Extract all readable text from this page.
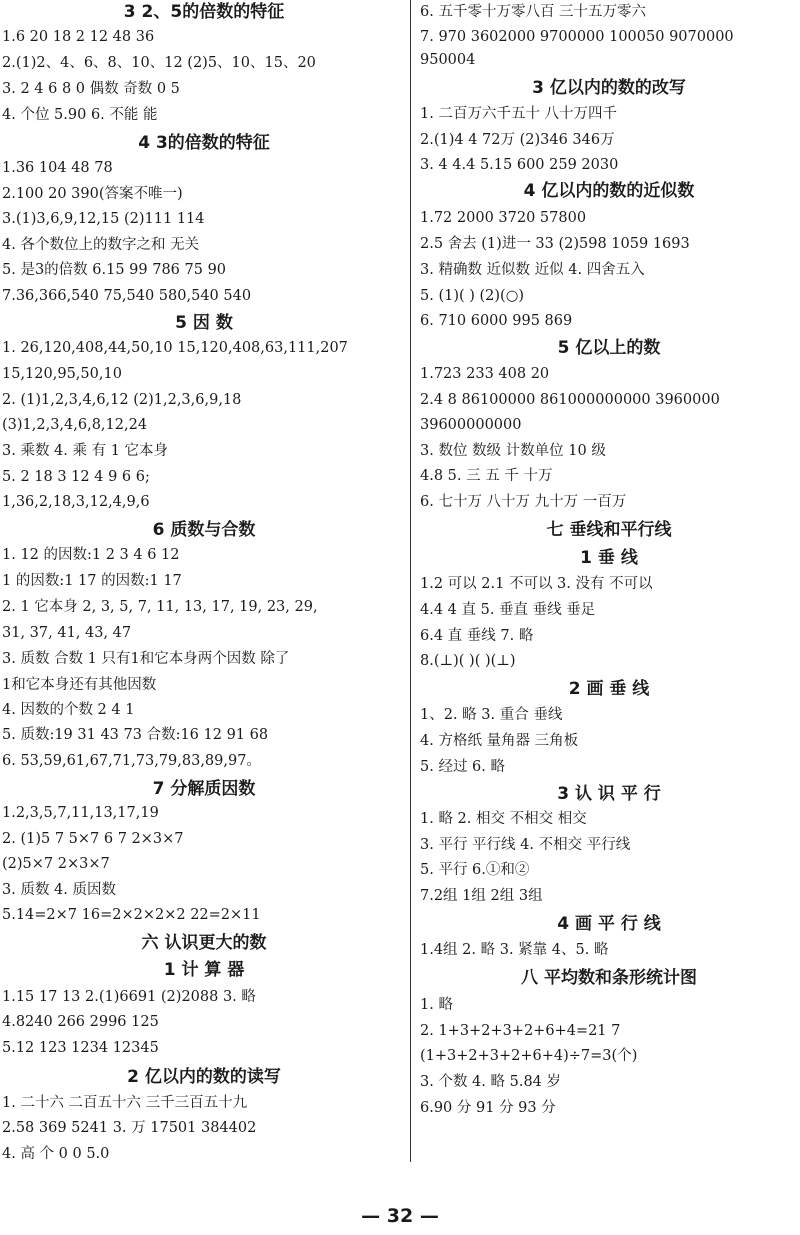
3 2、5的倍数的特征
1.6 20 18 2 12 48 36
2.(1)2、4、6、8、10、12 (2)5、10、15、20
3. 2 4 6 8 0 偶数 奇数 0 5
4. 个位 5.90 6. 不能 能
4 3的倍数的特征
1.36 104 48 78
2.100 20 390(答案不唯一)
3.(1)3,6,9,12,15 (2)111 114
4. 各个数位上的数字之和 无关
5. 是3的倍数 6.15 99 786 75 90
7.36,366,540 75,540 580,540 540
5 因 数
1. 26,120,408,44,50,10 15,120,408,63,111,207
15,120,95,50,10
2. (1)1,2,3,4,6,12 (2)1,2,3,6,9,18
(3)1,2,3,4,6,8,12,24
3. 乘数 4. 乘 有 1 它本身
5. 2 18 3 12 4 9 6 6;
1,36,2,18,3,12,4,9,6
6 质数与合数
1. 12 的因数:1 2 3 4 6 12
1 的因数:1 17 的因数:1 17
2. 1 它本身 2, 3, 5, 7, 11, 13, 17, 19, 23, 29,
31, 37, 41, 43, 47
3. 质数 合数 1 只有1和它本身两个因数 除了
1和它本身还有其他因数
4. 因数的个数 2 4 1
5. 质数:19 31 43 73 合数:16 12 91 68
6. 53,59,61,67,71,73,79,83,89,97。
7 分解质因数
1.2,3,5,7,11,13,17,19
2. (1)5 7 5×7 6 7 2×3×7
(2)5×7 2×3×7
3. 质数 4. 质因数
5.14=2×7 16=2×2×2×2 22=2×11
六 认识更大的数
1 计 算 器
1.15 17 13 2.(1)6691 (2)2088 3. 略
4.8240 266 2996 125
5.12 123 1234 12345
2 亿以内的数的读写
1. 二十六 二百五十六 三千三百五十九
2.58 369 5241 3. 万 17501 384402
4. 高 个 0 0 5.0
6. 五千零十万零八百 三十五万零六
7. 970 3602000 9700000 100050 9070000
950004
3 亿以内的数的改写
1. 二百万六千五十 八十万四千
2.(1)4 4 72万 (2)346 346万
3. 4 4.4 5.15 600 259 2030
4 亿以内的数的近似数
1.72 2000 3720 57800
2.5 舍去 (1)进一 33 (2)598 1059 1693
3. 精确数 近似数 近似 4. 四舍五入
5. (1)( ) (2)(○)
6. 710 6000 995 869
5 亿以上的数
1.723 233 408 20
2.4 8 86100000 861000000000 3960000
39600000000
3. 数位 数级 计数单位 10 级
4.8 5. 三 五 千 十万
6. 七十万 八十万 九十万 一百万
七 垂线和平行线
1 垂 线
1.2 可以 2.1 不可以 3. 没有 不可以
4.4 4 直 5. 垂直 垂线 垂足
6.4 直 垂线 7. 略
8.(⊥)( )( )(⊥)
2 画 垂 线
1、2. 略 3. 重合 垂线
4. 方格纸 量角器 三角板
5. 经过 6. 略
3 认 识 平 行
1. 略 2. 相交 不相交 相交
3. 平行 平行线 4. 不相交 平行线
5. 平行 6.①和②
7.2组 1组 2组 3组
4 画 平 行 线
1.4组 2. 略 3. 紧靠 4、5. 略
八 平均数和条形统计图
1. 略
2. 1+3+2+3+2+6+4=21 7
(1+3+2+3+2+6+4)÷7=3(个)
3. 个数 4. 略 5.84 岁
6.90 分 91 分 93 分
— 32 —
